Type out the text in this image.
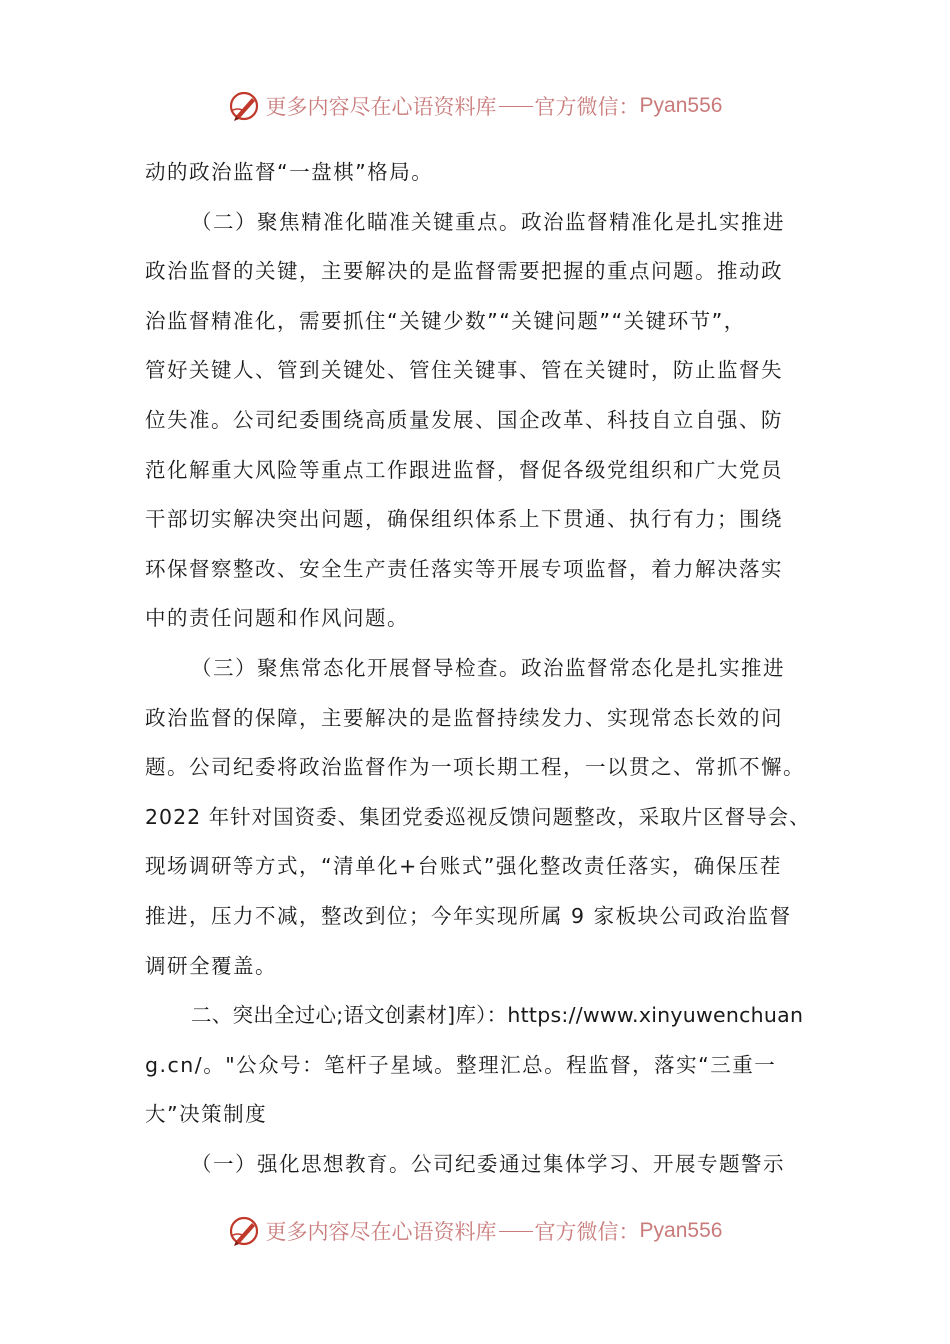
更多内容尽在心语资料库 官方微信： Pyan556
动的政治监督“一盘棋”格局。
（二）聚焦精准化瞄准关键重点。政治监督精准化是扎实推进
政治监督的关键，主要解决的是监督需要把握的重点问题。推动政
治监督精准化，需要抓住“关键少数”“关键问题”“关键环节”，
管好关键人、管到关键处、管住关键事、管在关键时，防止监督失
位失准。公司纪委围绕高质量发展、国企改革、科技自立自强、防
范化解重大风险等重点工作跟进监督，督促各级党组织和广大党员
干部切实解决突出问题，确保组织体系上下贯通、执行有力；围绕
环保督察整改、安全生产责任落实等开展专项监督，着力解决落实
中的责任问题和作风问题。
（三）聚焦常态化开展督导检查。政治监督常态化是扎实推进
政治监督的保障，主要解决的是监督持续发力、实现常态长效的问
题。公司纪委将政治监督作为一项长期工程，一以贯之、常抓不懈。
2022 年针对国资委、集团党委巡视反馈问题整改，采取片区督导会、
现场调研等方式，“清单化+台账式”强化整改责任落实，确保压茬
推进，压力不减，整改到位；今年实现所属 9 家板块公司政治监督
调研全覆盖。
二、突出全过心;语文创素材]库）：https://www.xinyuwenchuan
g.cn/。"公众号：笔杆子星域。整理汇总。程监督，落实“三重一
大”决策制度
（一）强化思想教育。公司纪委通过集体学习、开展专题警示
更多内容尽在心语资料库 官方微信： Pyan556
